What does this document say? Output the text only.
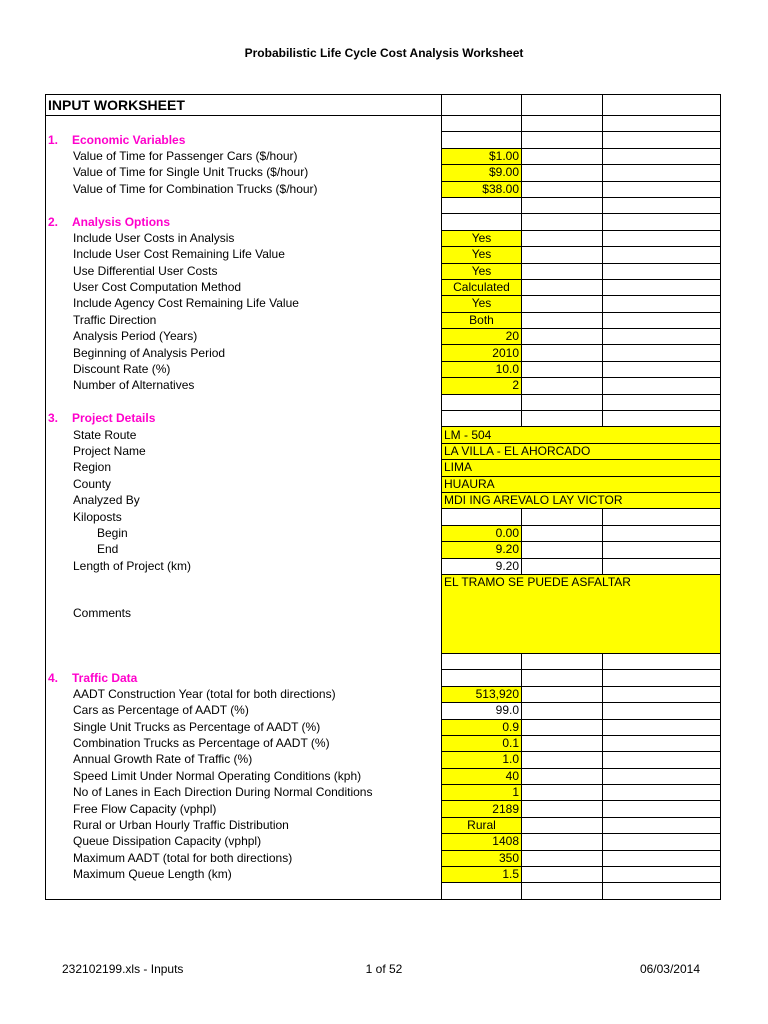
Probabilistic Life Cycle Cost Analysis Worksheet
INPUT WORKSHEET			

1. Economic Variables			
Value of Time for Passenger Cars ($/hour)	$1.00		
Value of Time for Single Unit Trucks ($/hour)	$9.00		
Value of Time for Combination Trucks ($/hour)	$38.00		

2. Analysis Options			
Include User Costs in Analysis	Yes		
Include User Cost Remaining Life Value	Yes		
Use Differential User Costs	Yes		
User Cost Computation Method	Calculated		
Include Agency Cost Remaining Life Value	Yes		
Traffic Direction	Both		
Analysis Period (Years)	20		
Beginning of Analysis Period	2010		
Discount Rate (%)	10.0		
Number of Alternatives	2		

3. Project Details			
State Route	LM - 504		
Project Name	LA VILLA - EL AHORCADO		
Region	LIMA		
County	HUAURA		
Analyzed By	MDI ING AREVALO LAY VICTOR		
Kiloposts			
Begin	0.00		
End	9.20		
Length of Project (km)	9.20		
Comments	EL TRAMO SE PUEDE ASFALTAR		

4. Traffic Data			
AADT Construction Year (total for both directions)	513,920		
Cars as Percentage of AADT (%)	99.0		
Single Unit Trucks as Percentage of AADT (%)	0.9		
Combination Trucks as Percentage of AADT (%)	0.1		
Annual Growth Rate of Traffic (%)	1.0		
Speed Limit Under Normal Operating Conditions (kph)	40		
No of Lanes in Each Direction During Normal Conditions	1		
Free Flow Capacity (vphpl)	2189		
Rural or Urban Hourly Traffic Distribution	Rural		
Queue Dissipation Capacity (vphpl)	1408		
Maximum AADT (total for both directions)	350		
Maximum Queue Length (km)	1.5		

232102199.xls - Inputs	1 of 52	06/03/2014
